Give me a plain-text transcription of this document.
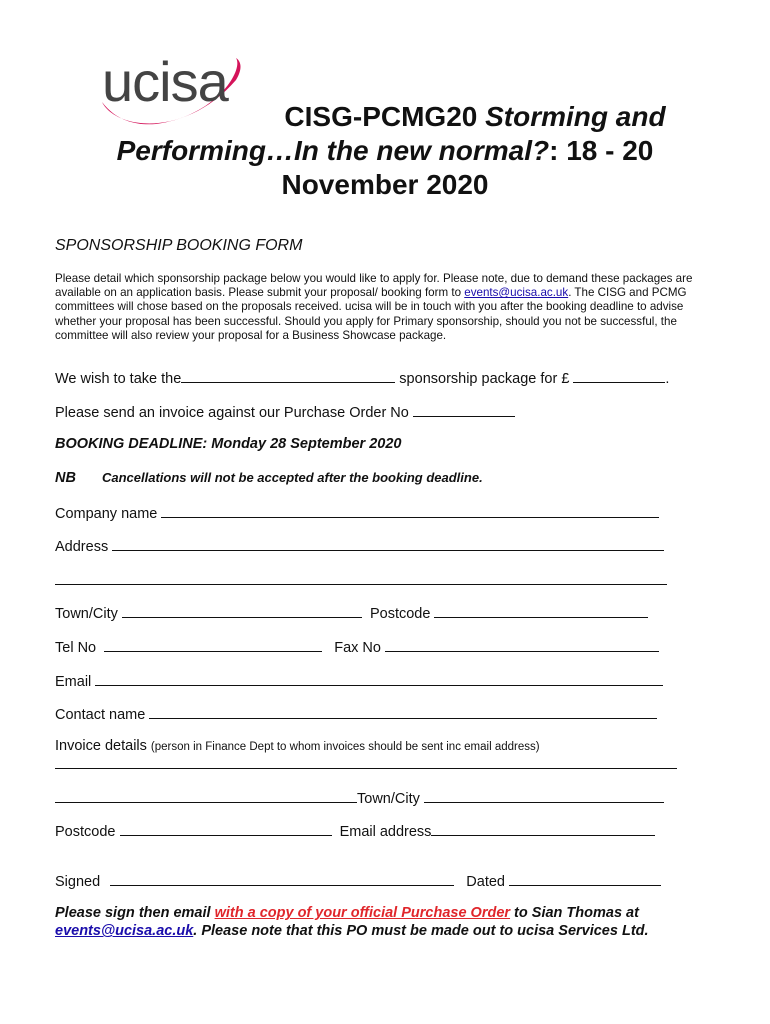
ucisa
CISG-PCMG20 Storming and
Performing…In the new normal?: 18 - 20
November 2020
SPONSORSHIP BOOKING FORM
Please detail which sponsorship package below you would like to apply for. Please note, due to demand these packages are available on an application basis. Please submit your proposal/ booking form to events@ucisa.ac.uk. The CISG and PCMG committees will chose based on the proposals received. ucisa will be in touch with you after the booking deadline to advise whether your proposal has been successful. Should you apply for Primary sponsorship, should you not be successful, the committee will also review your proposal for a Business Showcase package.
We wish to take the	sponsorship package for £	.
Please send an invoice against our Purchase Order No
BOOKING DEADLINE: Monday 28 September 2020
NB Cancellations will not be accepted after the booking deadline.
Company name
Address
Town/City	Postcode
Tel No	Fax No
Email
Contact name
Invoice details (person in Finance Dept to whom invoices should be sent inc email address)
Town/City
Postcode	Email address
Signed	Dated
Please sign then email with a copy of your official Purchase Order to Sian Thomas at
events@ucisa.ac.uk. Please note that this PO must be made out to ucisa Services Ltd.
